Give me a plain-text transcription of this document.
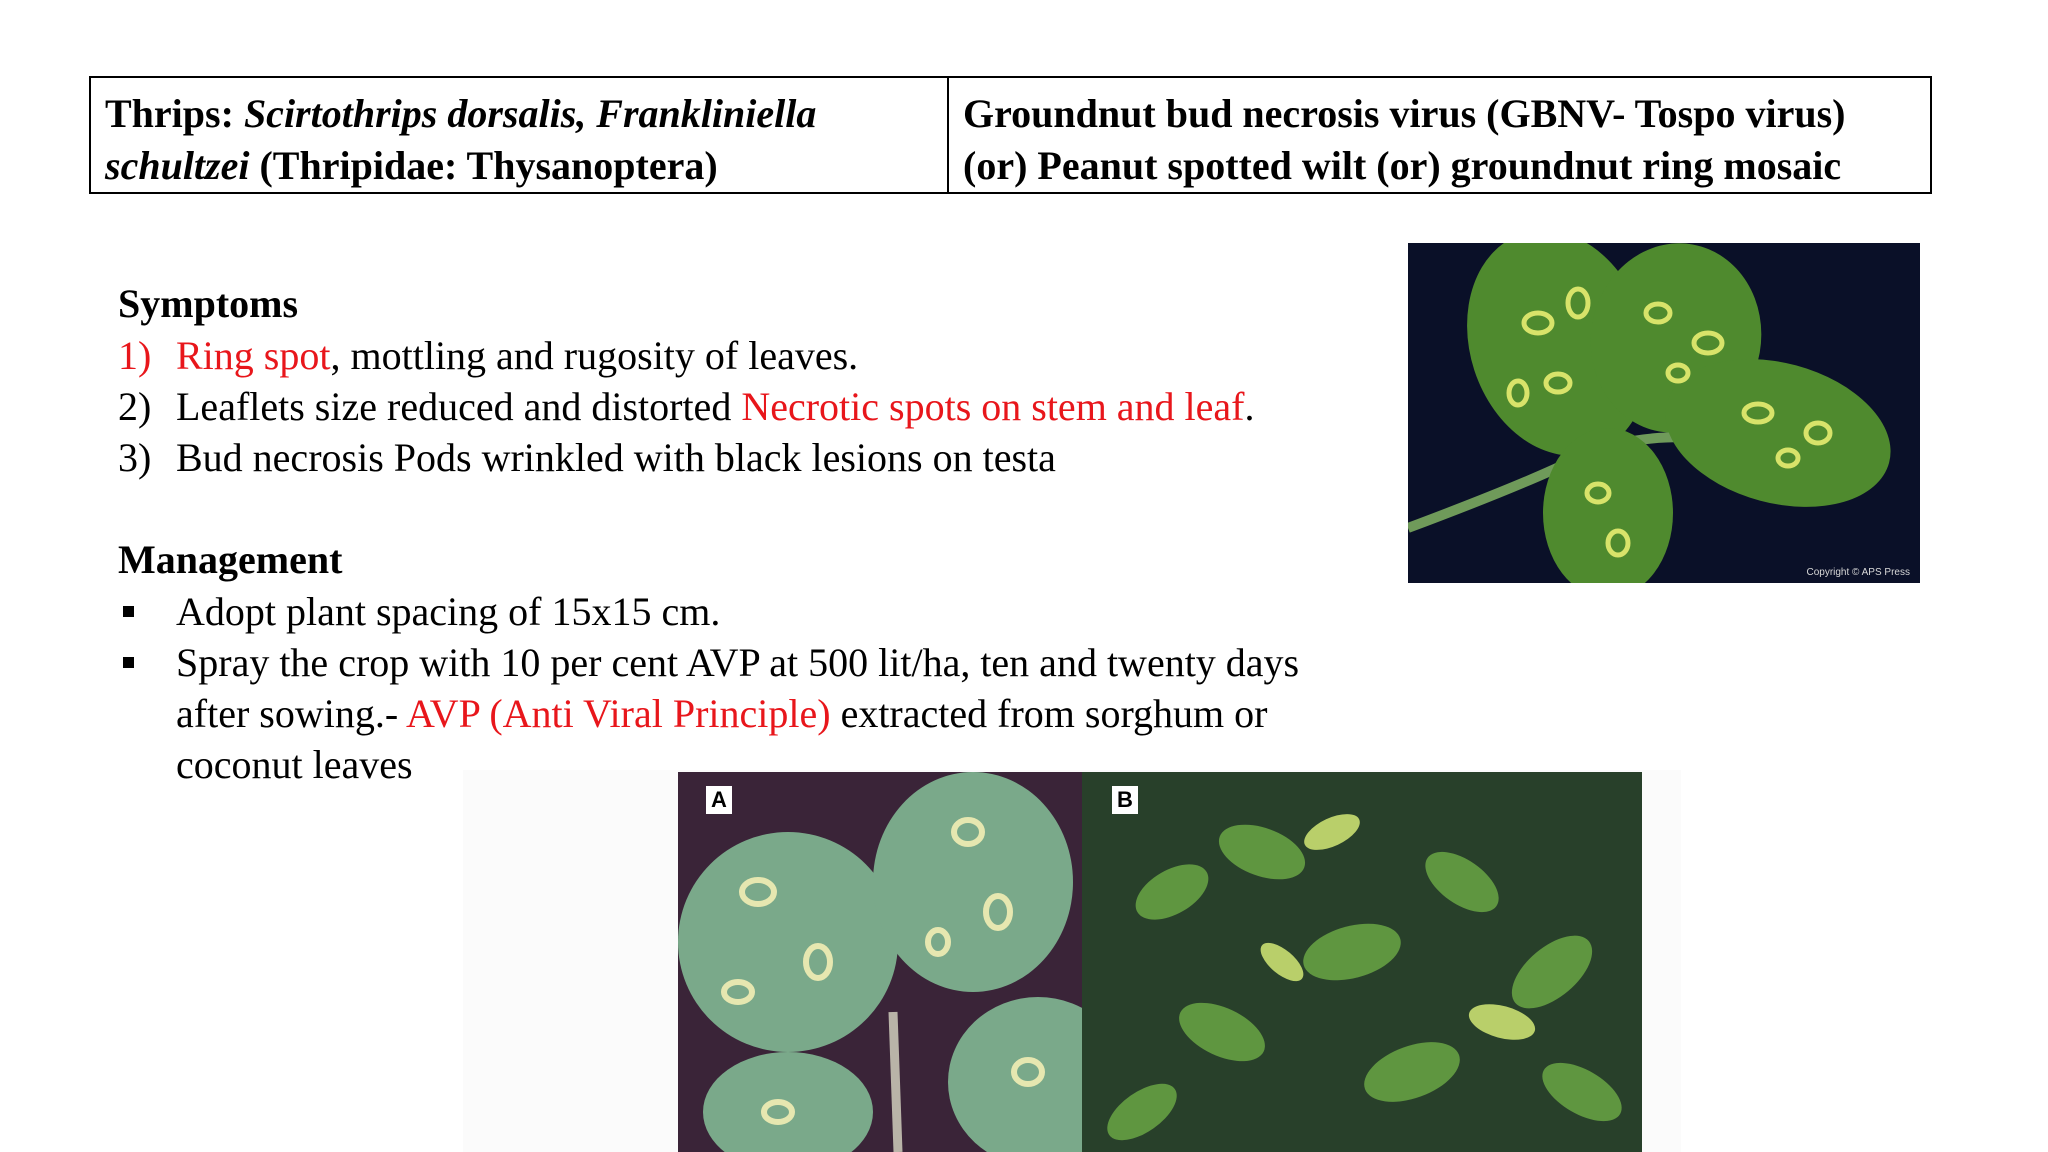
Thrips: Scirtothrips dorsalis, Frankliniella
schultzei (Thripidae: Thysanoptera)
Groundnut bud necrosis virus (GBNV- Tospo virus)
(or) Peanut spotted wilt (or) groundnut ring mosaic
Symptoms
1) Ring spot, mottling and rugosity of leaves.
2) Leaflets size reduced and distorted Necrotic spots on stem and leaf.
3) Bud necrosis Pods wrinkled with black lesions on testa
Management
Adopt plant spacing of 15x15 cm.
Spray the crop with 10 per cent AVP at 500 lit/ha, ten and twenty days
after sowing.- AVP (Anti Viral Principle) extracted from sorghum or
coconut leaves
Copyright © APS Press
A	B
